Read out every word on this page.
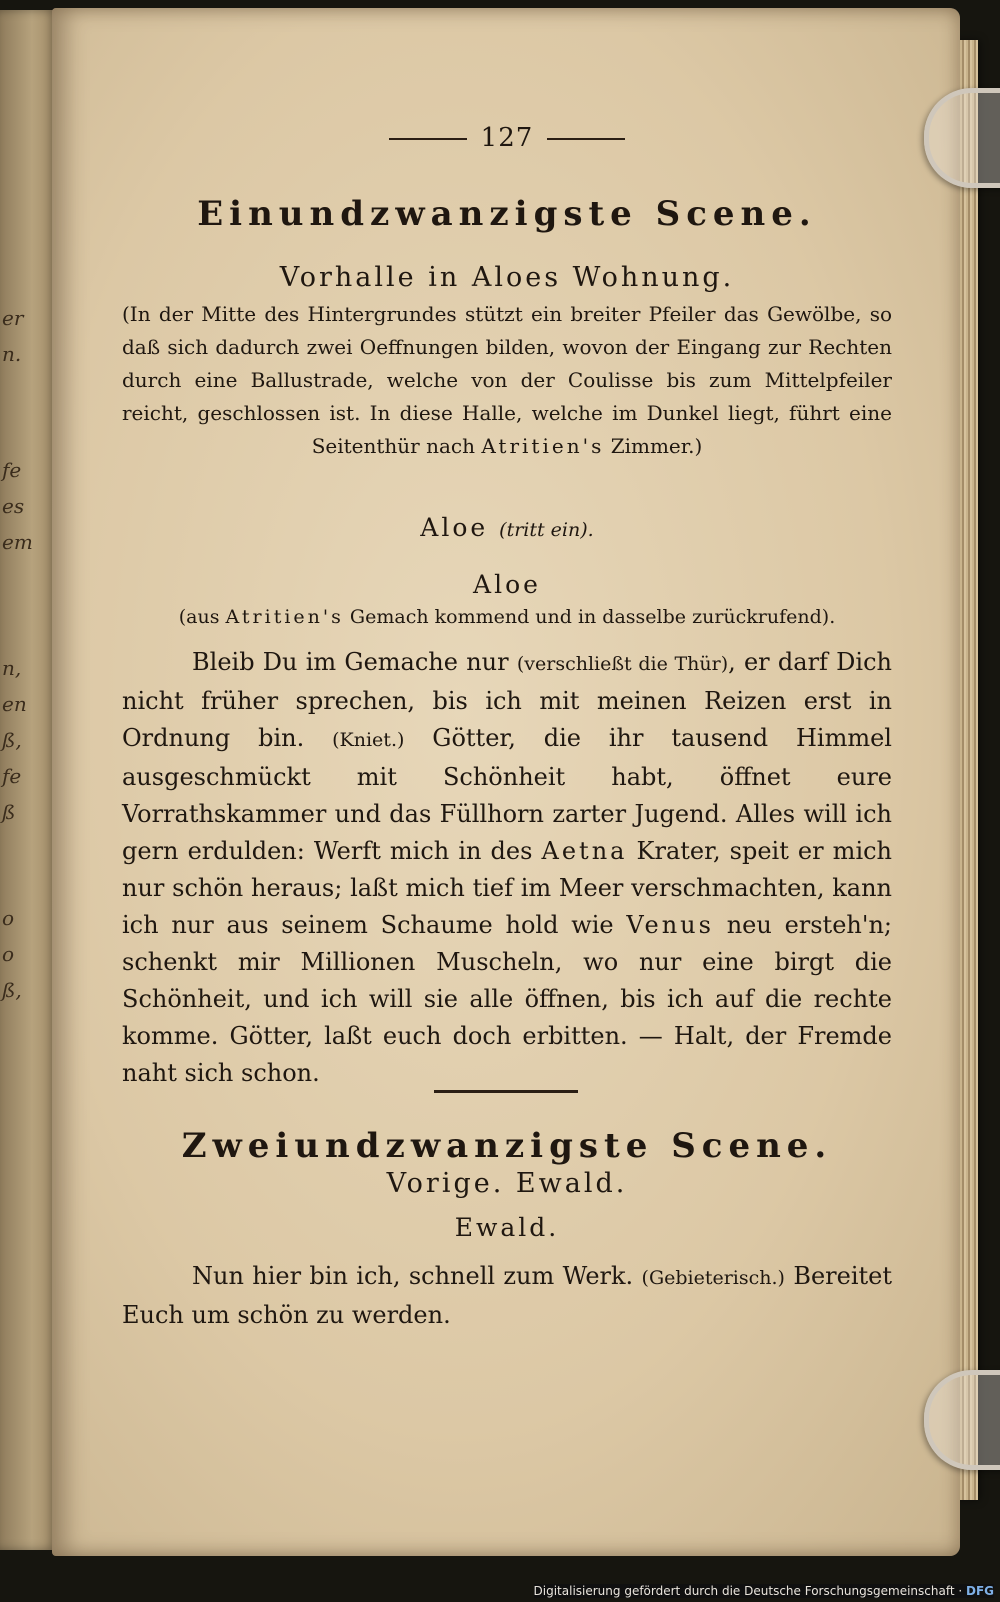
er
n.
fe
es
em
n,
en
ß,
fe
ß
o
o
ß,
127
Einundzwanzigste Scene.
Vorhalle in Aloes Wohnung.
(In der Mitte des Hintergrundes stützt ein breiter Pfeiler das Gewölbe, so daß sich dadurch zwei Oeffnungen bilden, wovon der Eingang zur Rechten durch eine Ballustrade, welche von der Coulisse bis zum Mittelpfeiler reicht, geschlossen ist. In diese Halle, welche im Dunkel liegt, führt eine Seitenthür nach Atritien's Zimmer.)
Aloe (tritt ein).
Aloe
(aus Atritien's Gemach kommend und in dasselbe zurückrufend).
Bleib Du im Gemache nur (verschließt die Thür), er darf Dich nicht früher sprechen, bis ich mit meinen Reizen erst in Ordnung bin. (Kniet.) Götter, die ihr tausend Himmel ausgeschmückt mit Schönheit habt, öffnet eure Vorrathskammer und das Füllhorn zarter Jugend. Alles will ich gern erdulden: Werft mich in des Aetna Krater, speit er mich nur schön heraus; laßt mich tief im Meer verschmachten, kann ich nur aus seinem Schaume hold wie Venus neu ersteh'n; schenkt mir Millionen Muscheln, wo nur eine birgt die Schönheit, und ich will sie alle öffnen, bis ich auf die rechte komme. Götter, laßt euch doch erbitten. — Halt, der Fremde naht sich schon.
Zweiundzwanzigste Scene.
Vorige. Ewald.
Ewald.
Nun hier bin ich, schnell zum Werk. (Gebieterisch.) Bereitet Euch um schön zu werden.
Digitalisierung gefördert durch die Deutsche Forschungsgemeinschaft · DFG
